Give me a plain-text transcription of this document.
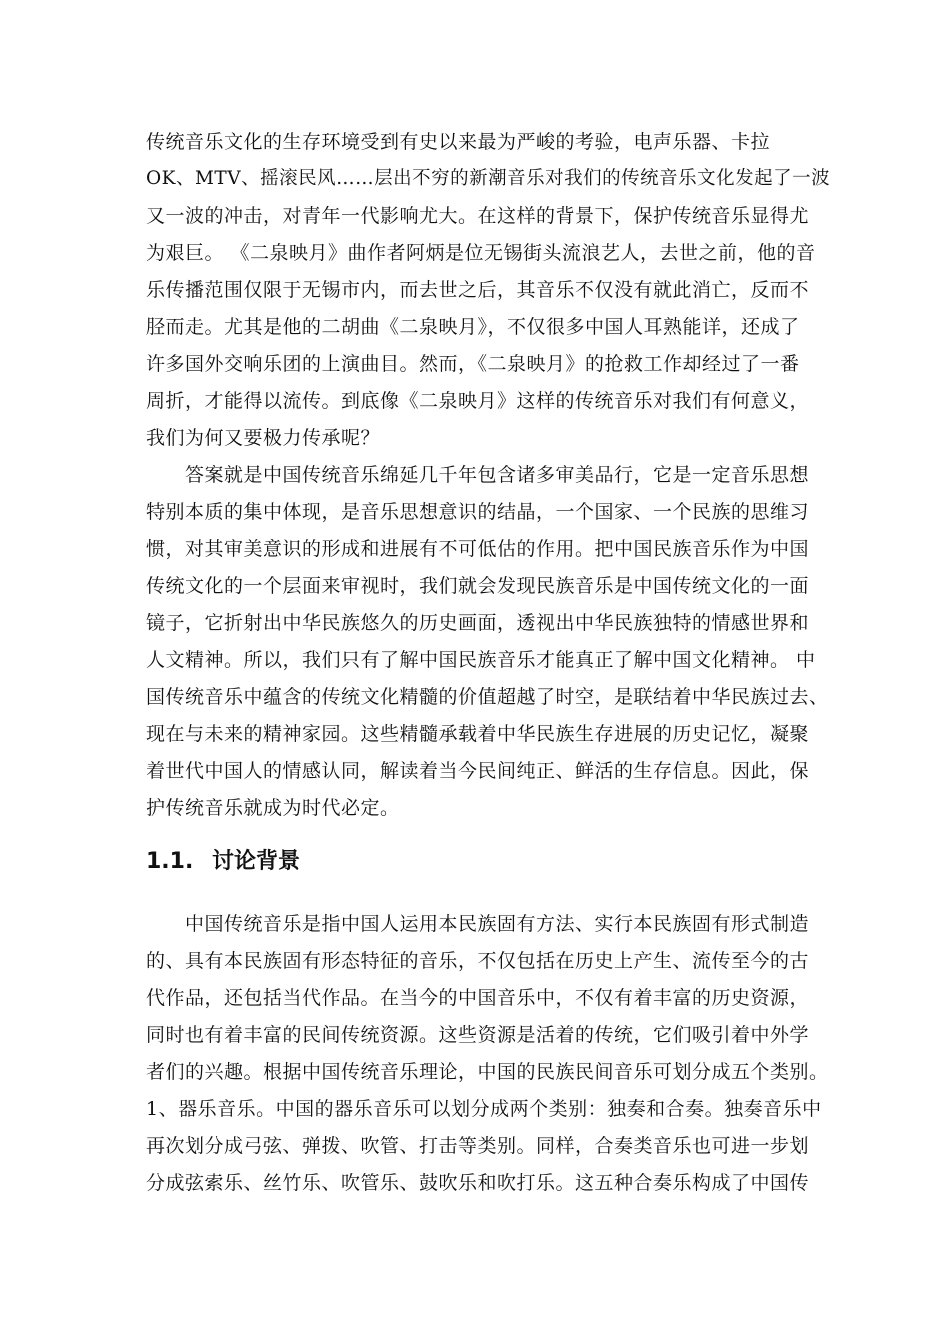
传统音乐文化的生存环境受到有史以来最为严峻的考验，电声乐器、卡拉
OK、MTV、摇滚民风……层出不穷的新潮音乐对我们的传统音乐文化发起了一波
又一波的冲击，对青年一代影响尤大。在这样的背景下，保护传统音乐显得尤
为艰巨。 《二泉映月》曲作者阿炳是位无锡街头流浪艺人，去世之前，他的音
乐传播范围仅限于无锡市内，而去世之后，其音乐不仅没有就此消亡，反而不
胫而走。尤其是他的二胡曲《二泉映月》，不仅很多中国人耳熟能详，还成了
许多国外交响乐团的上演曲目。然而，《二泉映月》的抢救工作却经过了一番
周折，才能得以流传。到底像《二泉映月》这样的传统音乐对我们有何意义，
我们为何又要极力传承呢？
　　答案就是中国传统音乐绵延几千年包含诸多审美品行，它是一定音乐思想
特别本质的集中体现，是音乐思想意识的结晶，一个国家、一个民族的思维习
惯，对其审美意识的形成和进展有不可低估的作用。把中国民族音乐作为中国
传统文化的一个层面来审视时，我们就会发现民族音乐是中国传统文化的一面
镜子，它折射出中华民族悠久的历史画面，透视出中华民族独特的情感世界和
人文精神。所以，我们只有了解中国民族音乐才能真正了解中国文化精神。 中
国传统音乐中蕴含的传统文化精髓的价值超越了时空，是联结着中华民族过去、
现在与未来的精神家园。这些精髓承载着中华民族生存进展的历史记忆，凝聚
着世代中国人的情感认同，解读着当今民间纯正、鲜活的生存信息。因此，保
护传统音乐就成为时代必定。
1.1. 讨论背景
　　中国传统音乐是指中国人运用本民族固有方法、实行本民族固有形式制造
的、具有本民族固有形态特征的音乐，不仅包括在历史上产生、流传至今的古
代作品，还包括当代作品。在当今的中国音乐中，不仅有着丰富的历史资源，
同时也有着丰富的民间传统资源。这些资源是活着的传统，它们吸引着中外学
者们的兴趣。根据中国传统音乐理论，中国的民族民间音乐可划分成五个类别。
1、器乐音乐。中国的器乐音乐可以划分成两个类别：独奏和合奏。独奏音乐中
再次划分成弓弦、弹拨、吹管、打击等类别。同样，合奏类音乐也可进一步划
分成弦索乐、丝竹乐、吹管乐、鼓吹乐和吹打乐。这五种合奏乐构成了中国传
